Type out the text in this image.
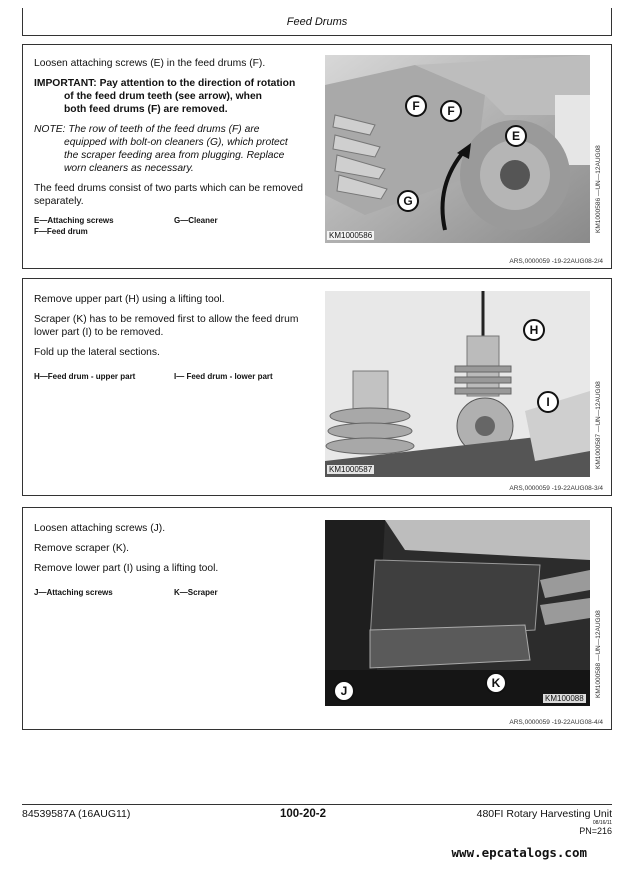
Feed Drums

Loosen attaching screws (E) in the feed drums (F).

IMPORTANT: Pay attention to the direction of rotation
of the feed drum teeth (see arrow), when
both feed drums (F) are removed.

NOTE: The row of teeth of the feed drums (F) are
equipped with bolt-on cleaners (G), which protect
the scraper feeding area from plugging. Replace
worn cleaners as necessary.

The feed drums consist of two parts which can be removed separately.

E—Attaching screws	G—Cleaner
F—Feed drum	
F	F
E
G
KM1000586
KM1000586 —UN—12AUG08
ARS,0000059 -19-22AUG08-2/4

Remove upper part (H) using a lifting tool.

Scraper (K) has to be removed first to allow the feed drum lower part (I) to be removed.

Fold up the lateral sections.

H—Feed drum - upper part	I— Feed drum - lower part
H
I
KM1000587
KM1000587 —UN—12AUG08
ARS,0000059 -19-22AUG08-3/4

Loosen attaching screws (J).

Remove scraper (K).

Remove lower part (I) using a lifting tool.

J—Attaching screws	K—Scraper
J
K
KM100088
KM1000588 —UN—12AUG08
ARS,0000059 -19-22AUG08-4/4
84539587A (16AUG11)	100-20-2	480FI Rotary Harvesting Unit
08/16/11
PN=216
www.epcatalogs.com
